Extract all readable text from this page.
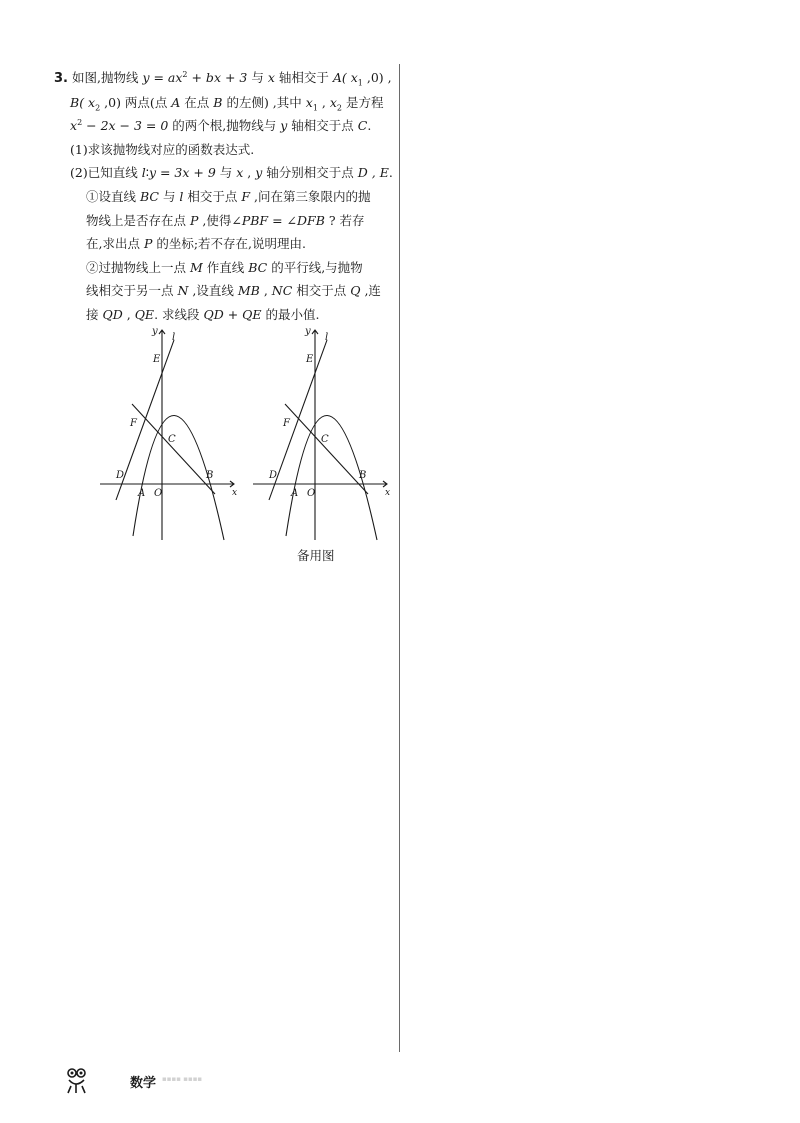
3. 如图,抛物线 $y = ax^2$ + bx + 3 与 x 轴相交于 A( $x_1$ ,0) ,
B( $x_2$ ,0) 两点(点 A 在点 B 的左侧) ,其中 $x_1$ , $x_2$ 是方程
$x^2 - 2x - 3 = 0$ 的两个根,抛物线与 y 轴相交于点 C.
(1)求该抛物线对应的函数表达式.
(2)已知直线 l∶y = 3x + 9 与 x , y 轴分别相交于点 D , E.
①设直线 BC 与 l 相交于点 F ,问在第三象限内的抛
物线上是否存在点 P ,使得∠PBF = ∠DFB ? 若存
在,求出点 P 的坐标;若不存在,说明理由.
②过抛物线上一点 M 作直线 BC 的平行线,与抛物
线相交于另一点 N ,设直线 MB , NC 相交于点 Q ,连
接 QD , QE. 求线段 QD + QE 的最小值.
y
l
E
F
C
D	B
A O	x
y
l
E
F
C
D	B
A O	x
备用图
数学 ▪▪▪▪ ▪▪▪▪
